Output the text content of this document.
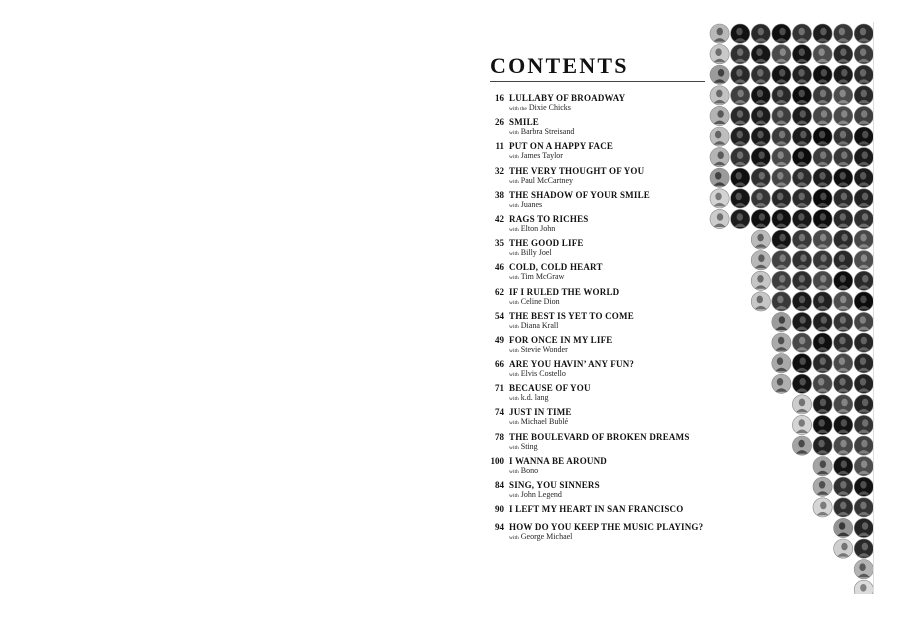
CONTENTS
16 LULLABY OF BROADWAY
with the Dixie Chicks
26 SMILE
with Barbra Streisand
11 PUT ON A HAPPY FACE
with James Taylor
32 THE VERY THOUGHT OF YOU
with Paul McCartney
38 THE SHADOW OF YOUR SMILE
with Juanes
42 RAGS TO RICHES
with Elton John
35 THE GOOD LIFE
with Billy Joel
46 COLD, COLD HEART
with Tim McGraw
62 IF I RULED THE WORLD
with Celine Dion
54 THE BEST IS YET TO COME
with Diana Krall
49 FOR ONCE IN MY LIFE
with Stevie Wonder
66 ARE YOU HAVIN’ ANY FUN?
with Elvis Costello
71 BECAUSE OF YOU
with k.d. lang
74 JUST IN TIME
with Michael Bublé
78 THE BOULEVARD OF BROKEN DREAMS
with Sting
100 I WANNA BE AROUND
with Bono
84 SING, YOU SINNERS
with John Legend
90 I LEFT MY HEART IN SAN FRANCISCO
94 HOW DO YOU KEEP THE MUSIC PLAYING?
with George Michael
